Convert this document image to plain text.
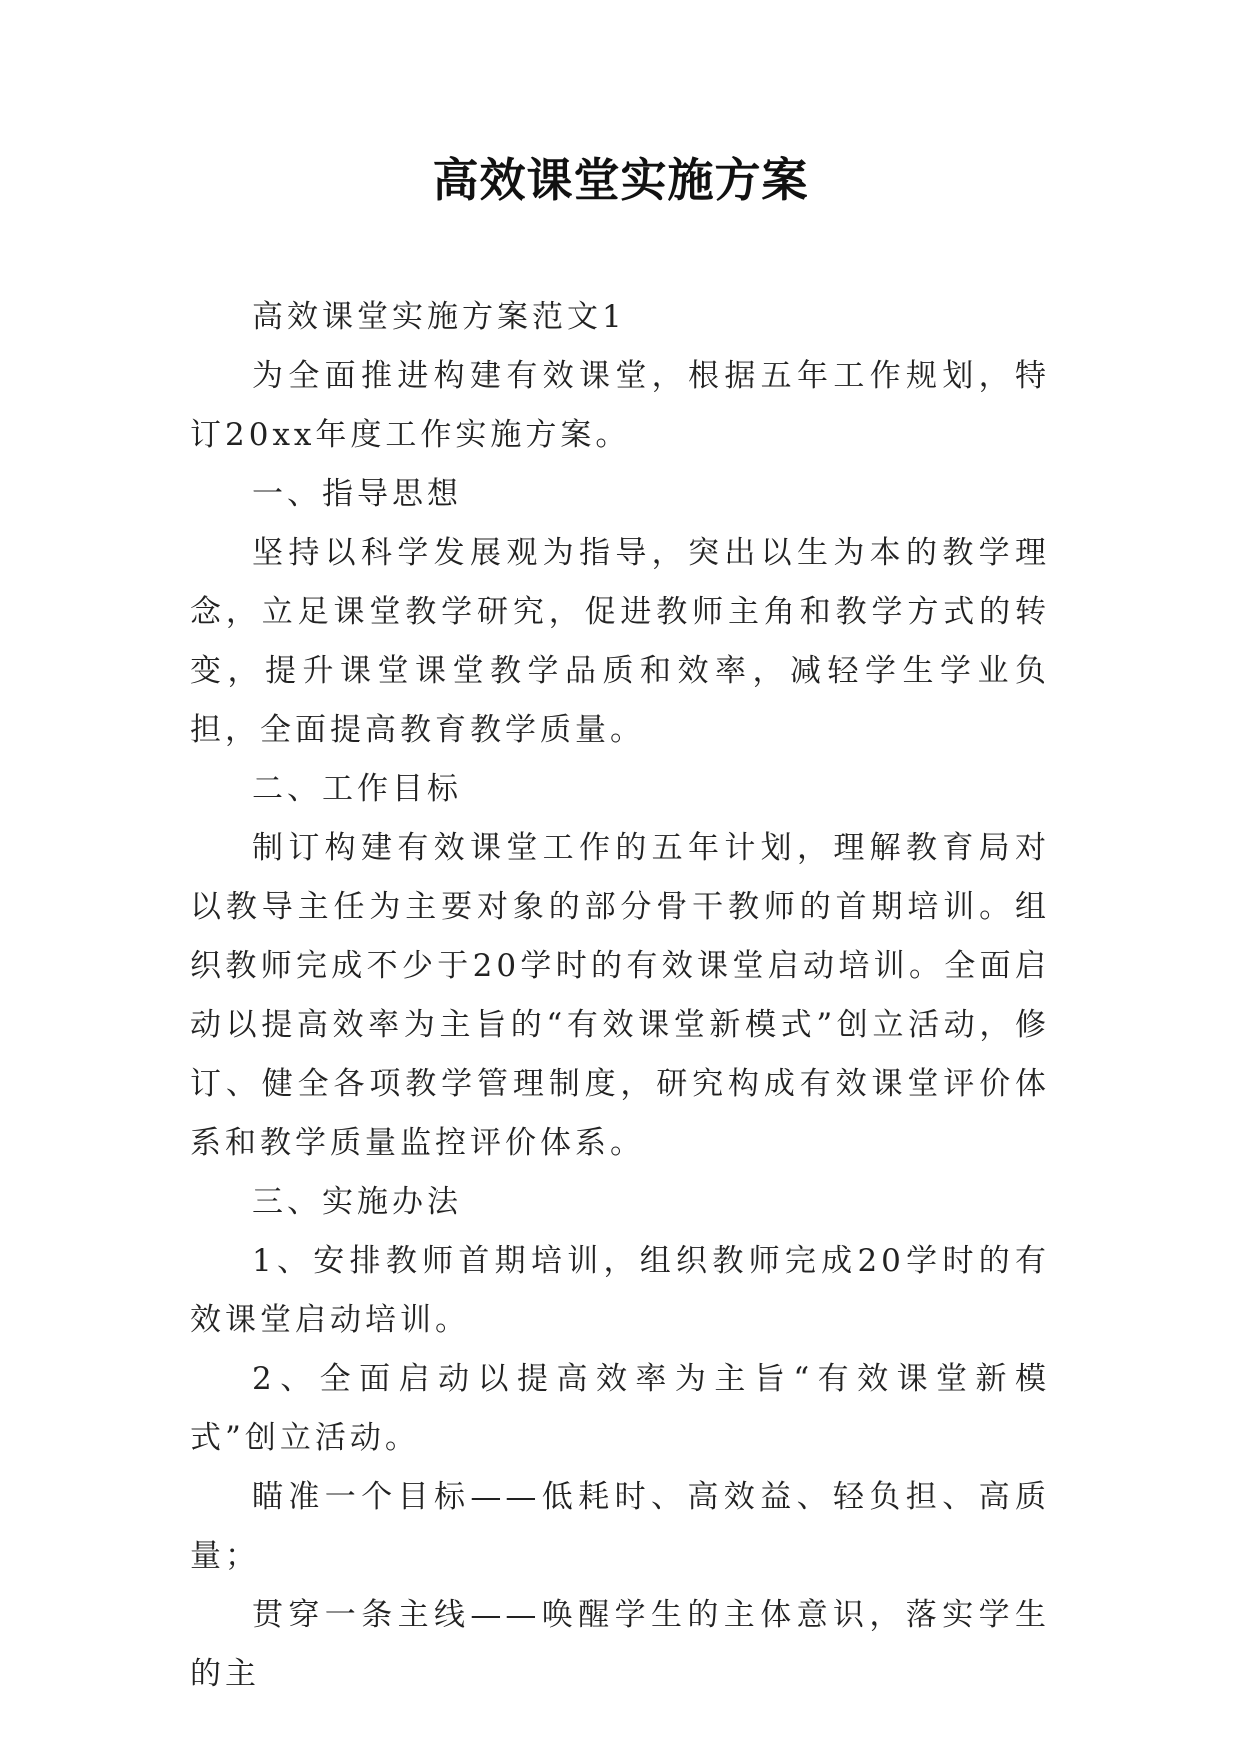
高效课堂实施方案

高效课堂实施方案范文1

为全面推进构建有效课堂，根据五年工作规划，特订20xx年度工作实施方案。

一、指导思想

坚持以科学发展观为指导，突出以生为本的教学理念，立足课堂教学研究，促进教师主角和教学方式的转变，提升课堂课堂教学品质和效率，减轻学生学业负担，全面提高教育教学质量。

二、工作目标

制订构建有效课堂工作的五年计划，理解教育局对以教导主任为主要对象的部分骨干教师的首期培训。组织教师完成不少于20学时的有效课堂启动培训。全面启动以提高效率为主旨的“有效课堂新模式”创立活动，修订、健全各项教学管理制度，研究构成有效课堂评价体系和教学质量监控评价体系。

三、实施办法

1、安排教师首期培训，组织教师完成20学时的有效课堂启动培训。

2、全面启动以提高效率为主旨“有效课堂新模式”创立活动。

瞄准一个目标——低耗时、高效益、轻负担、高质量；

贯穿一条主线——唤醒学生的主体意识，落实学生的主
